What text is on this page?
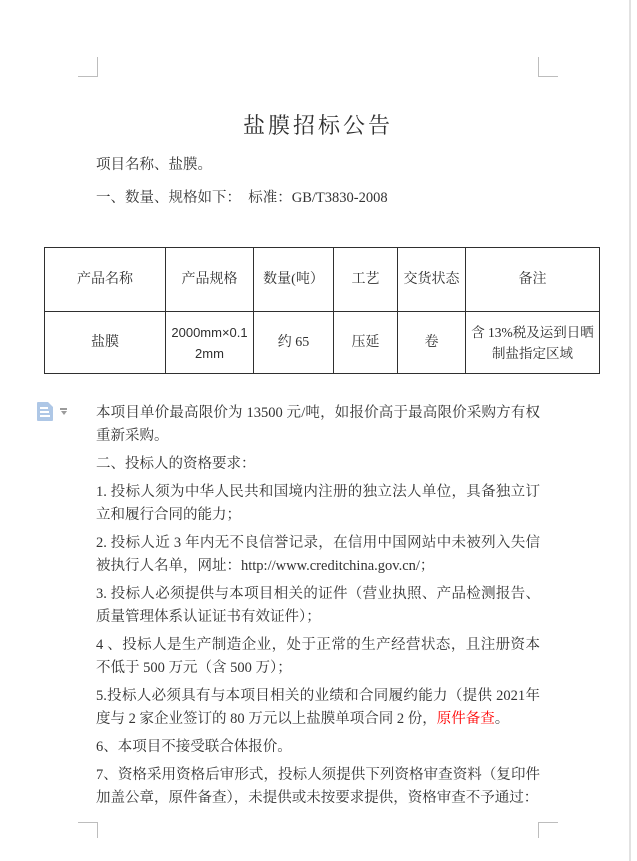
盐膜招标公告

项目名称、盐膜。

一、数量、规格如下：  标准：GB/T3830-2008

产品名称	产品规格	数量(吨）	工艺	交货状态	备注
盐膜	2000mm×0.12mm	约 65	压延	卷	含 13%税及运到日晒制盐指定区域

本项目单价最高限价为 13500 元/吨，如报价高于最高限价采购方有权重新采购。

二、投标人的资格要求：

1. 投标人须为中华人民共和国境内注册的独立法人单位，具备独立订立和履行合同的能力；

2. 投标人近 3 年内无不良信誉记录，在信用中国网站中未被列入失信被执行人名单，网址：http://www.creditchina.gov.cn/；

3. 投标人必须提供与本项目相关的证件（营业执照、产品检测报告、质量管理体系认证证书有效证件）；

4 、投标人是生产制造企业，处于正常的生产经营状态，且注册资本不低于 500 万元（含 500 万）；

5.投标人必须具有与本项目相关的业绩和合同履约能力（提供 2021年度与 2 家企业签订的 80 万元以上盐膜单项合同 2 份，原件备查。

6、本项目不接受联合体报价。

7、资格采用资格后审形式，投标人须提供下列资格审查资料（复印件加盖公章，原件备查），未提供或未按要求提供，资格审查不予通过：
